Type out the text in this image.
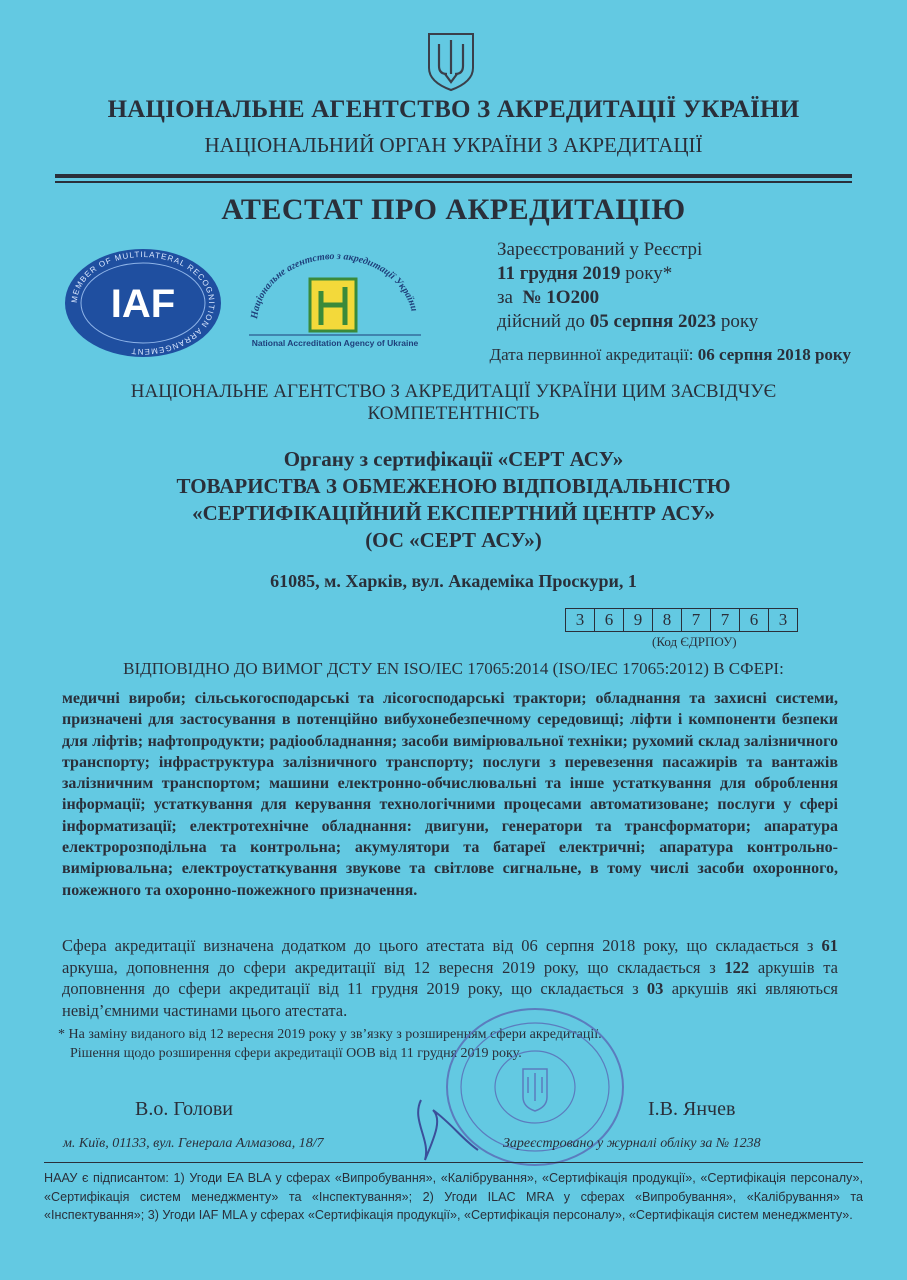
НАЦІОНАЛЬНЕ АГЕНТСТВО З АКРЕДИТАЦІЇ УКРАЇНИ
НАЦІОНАЛЬНИЙ ОРГАН УКРАЇНИ З АКРЕДИТАЦІЇ
АТЕСТАТ ПРО АКРЕДИТАЦІЮ
MEMBER OF MULTILATERAL RECOGNITION ARRANGEMENT
IAF	Національне агентство з акредитації України
National Accreditation Agency of Ukraine
Зареєстрований у Реєстрі
11 грудня 2019 року*
за № 1О200
дійсний до 05 серпня 2023 року
Дата первинної акредитації: 06 серпня 2018 року
НАЦІОНАЛЬНЕ АГЕНТСТВО З АКРЕДИТАЦІЇ УКРАЇНИ ЦИМ ЗАСВІДЧУЄ
КОМПЕТЕНТНІСТЬ
Органу з сертифікації «СЕРТ АСУ»
ТОВАРИСТВА З ОБМЕЖЕНОЮ ВІДПОВІДАЛЬНІСТЮ
«СЕРТИФІКАЦІЙНИЙ ЕКСПЕРТНИЙ ЦЕНТР АСУ»
(ОС «СЕРТ АСУ»)
61085, м. Харків, вул. Академіка Проскури, 1
3	6	9	8	7	7	6	3
(Код ЄДРПОУ)
ВІДПОВІДНО ДО ВИМОГ ДСТУ EN ISO/IEC 17065:2014 (ISO/IEC 17065:2012) В СФЕРІ:
медичні вироби; сільськогосподарські та лісогосподарські трактори; обладнання та захисні системи, призначені для застосування в потенційно вибухонебезпечному середовищі; ліфти і компоненти безпеки для ліфтів; нафтопродукти; радіообладнання; засоби вимірювальної техніки; рухомий склад залізничного транспорту; інфраструктура залізничного транспорту; послуги з перевезення пасажирів та вантажів залізничним транспортом; машини електронно-обчислювальні та інше устаткування для оброблення інформації; устаткування для керування технологічними процесами автоматизоване; послуги у сфері інформатизації; електротехнічне обладнання: двигуни, генератори та трансформатори; апаратура електророзподільна та контрольна; акумулятори та батареї електричні; апаратура контрольно-вимірювальна; електроустаткування звукове та світлове сигнальне, в тому числі засоби охоронного, пожежного та охоронно-пожежного призначення.
Сфера акредитації визначена додатком до цього атестата від 06 серпня 2018 року, що складається з 61 аркуша, доповнення до сфери акредитації від 12 вересня 2019 року, що складається з 122 аркушів та доповнення до сфери акредитації від 11 грудня 2019 року, що складається з 03 аркушів які являються невід’ємними частинами цього атестата.
* На заміну виданого від 12 вересня 2019 року у зв’язку з розширенням сфери акредитації.
Рішення щодо розширення сфери акредитації ООВ від 11 грудня 2019 року.
В.о. Голови	І.В. Янчев
м. Київ, 01133, вул. Генерала Алмазова, 18/7	Зареєстровано у журналі обліку за № 1238
НААУ є підписантом: 1) Угоди EA BLA у сферах «Випробування», «Калібрування», «Сертифікація продукції», «Сертифікація персоналу», «Сертифікація систем менеджменту» та «Інспектування»; 2) Угоди ILAC MRA у сферах «Випробування», «Калібрування» та «Інспектування»; 3) Угоди IAF MLA у сферах «Сертифікація продукції», «Сертифікація персоналу», «Сертифікація систем менеджменту».
